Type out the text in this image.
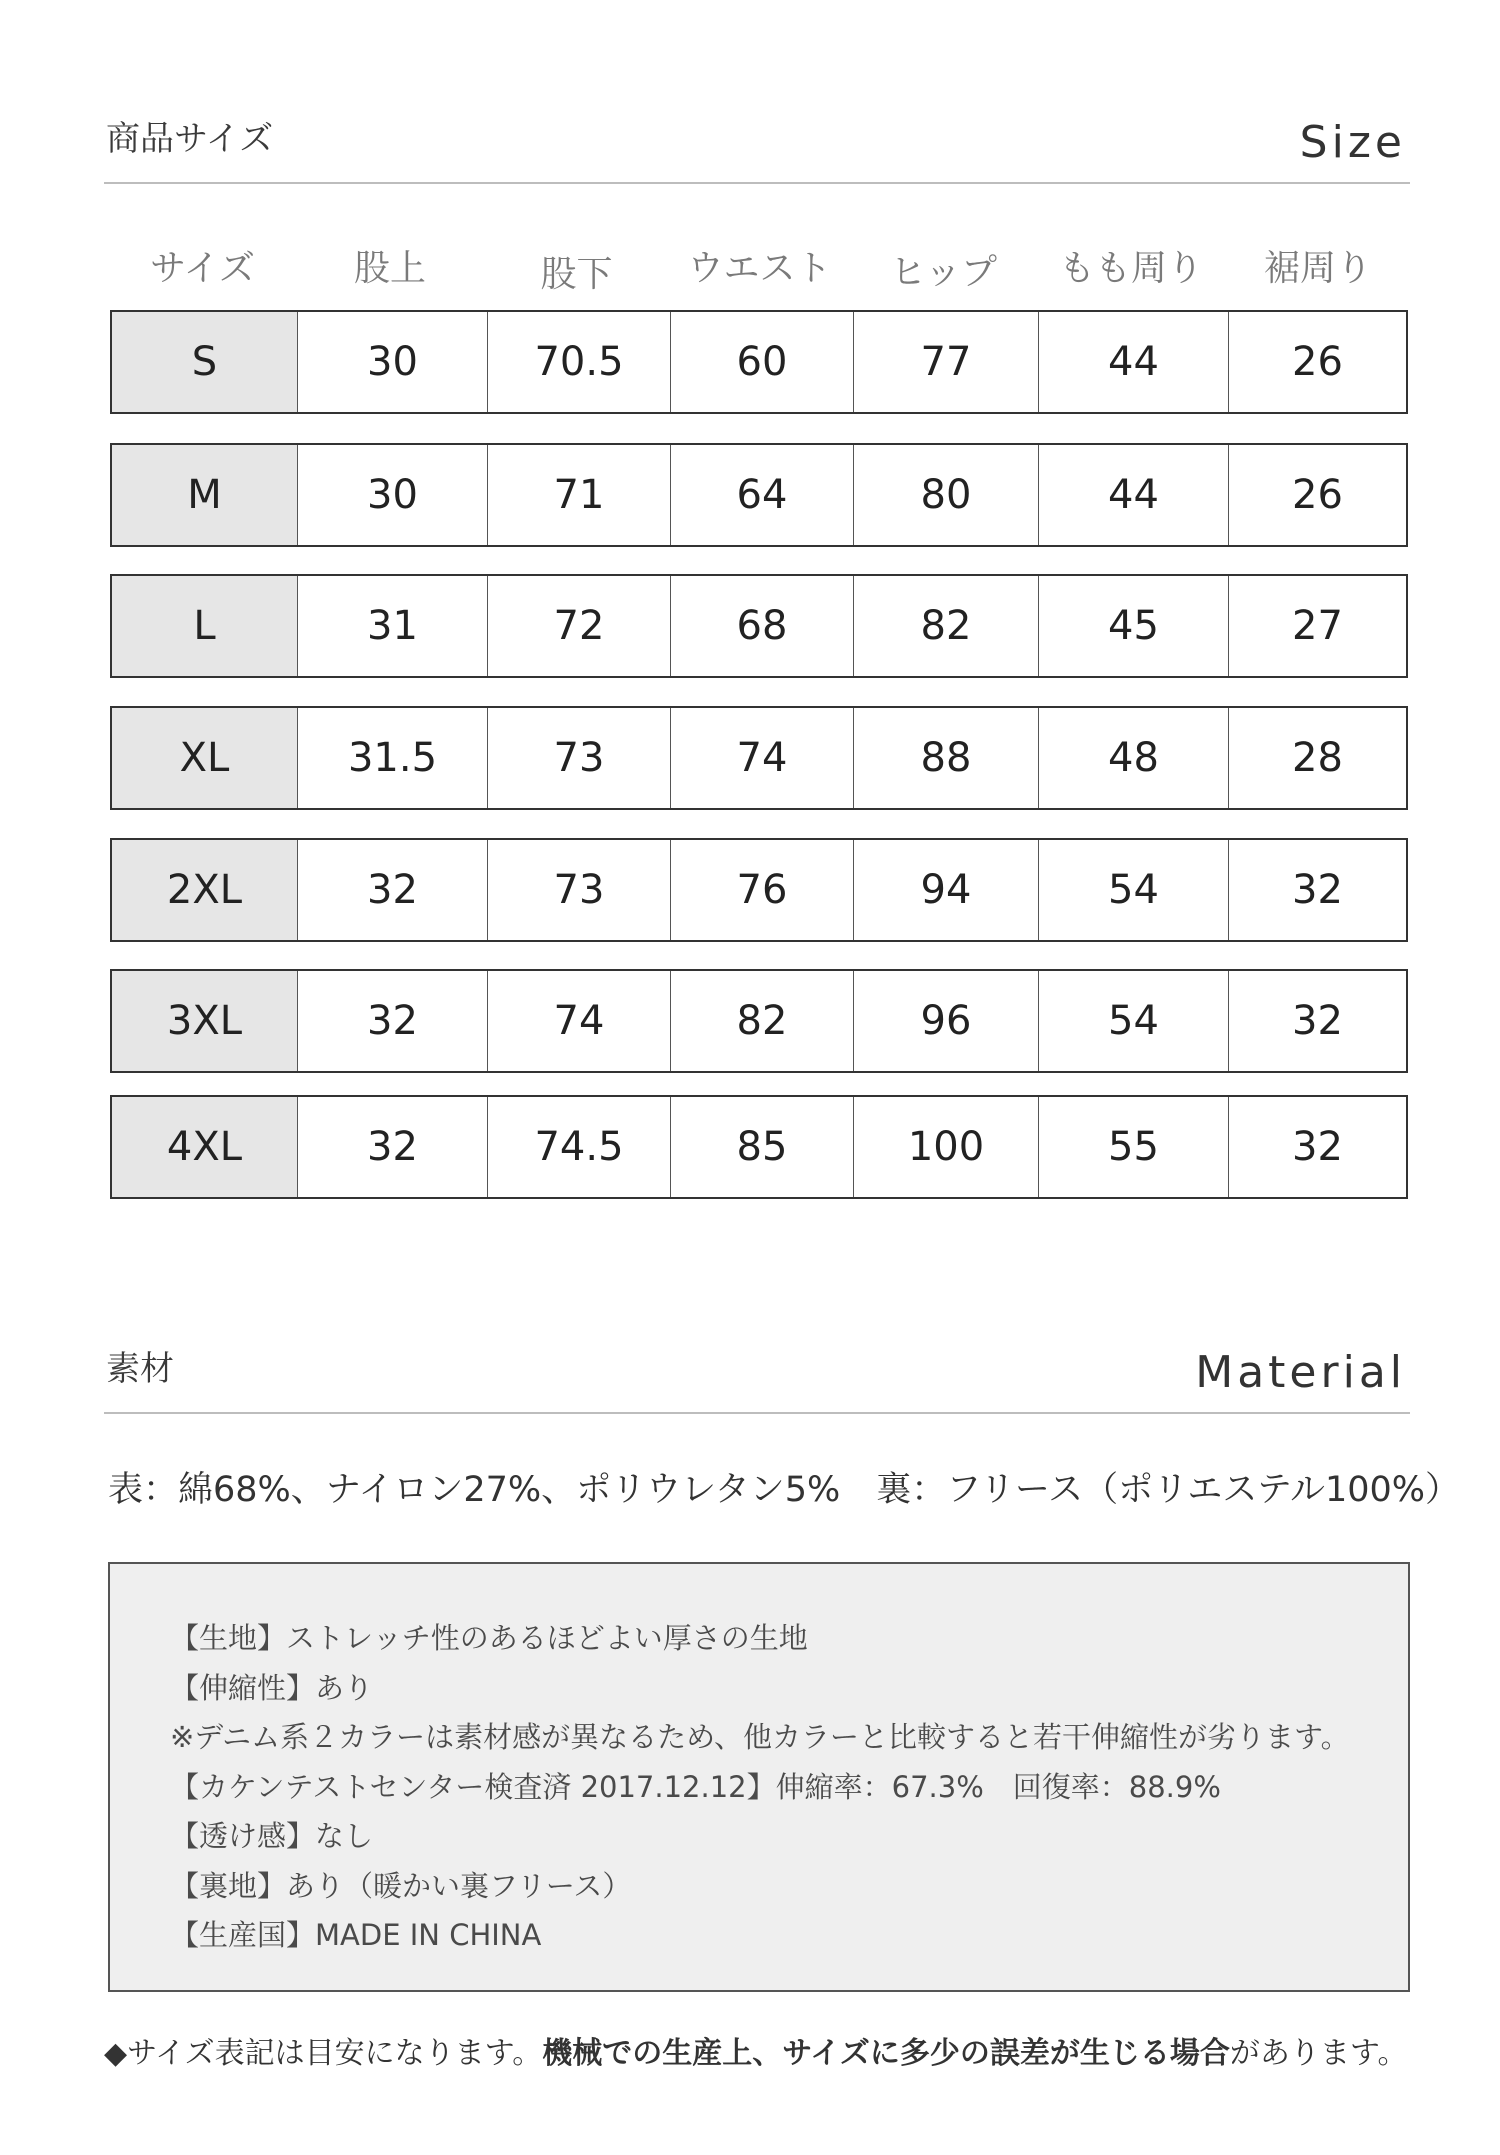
商品サイズ	Size
サイズ	股上	股下	ウエスト	ヒップ	もも周り	裾周り
S	30	70.5	60	77	44	26
M	30	71	64	80	44	26
L	31	72	68	82	45	27
XL	31.5	73	74	88	48	28
2XL	32	73	76	94	54	32
3XL	32	74	82	96	54	32
4XL	32	74.5	85	100	55	32
素材	Material
表：綿68%、ナイロン27%、ポリウレタン5% 裏：フリース（ポリエステル100%）
【生地】ストレッチ性のあるほどよい厚さの生地
【伸縮性】あり
※デニム系２カラーは素材感が異なるため、他カラーと比較すると若干伸縮性が劣ります。
【カケンテストセンター検査済 2017.12.12】伸縮率：67.3%　回復率：88.9%
【透け感】なし
【裏地】あり（暖かい裏フリース）
【生産国】MADE IN CHINA
◆サイズ表記は目安になります。機械での生産上、サイズに多少の誤差が生じる場合があります。
